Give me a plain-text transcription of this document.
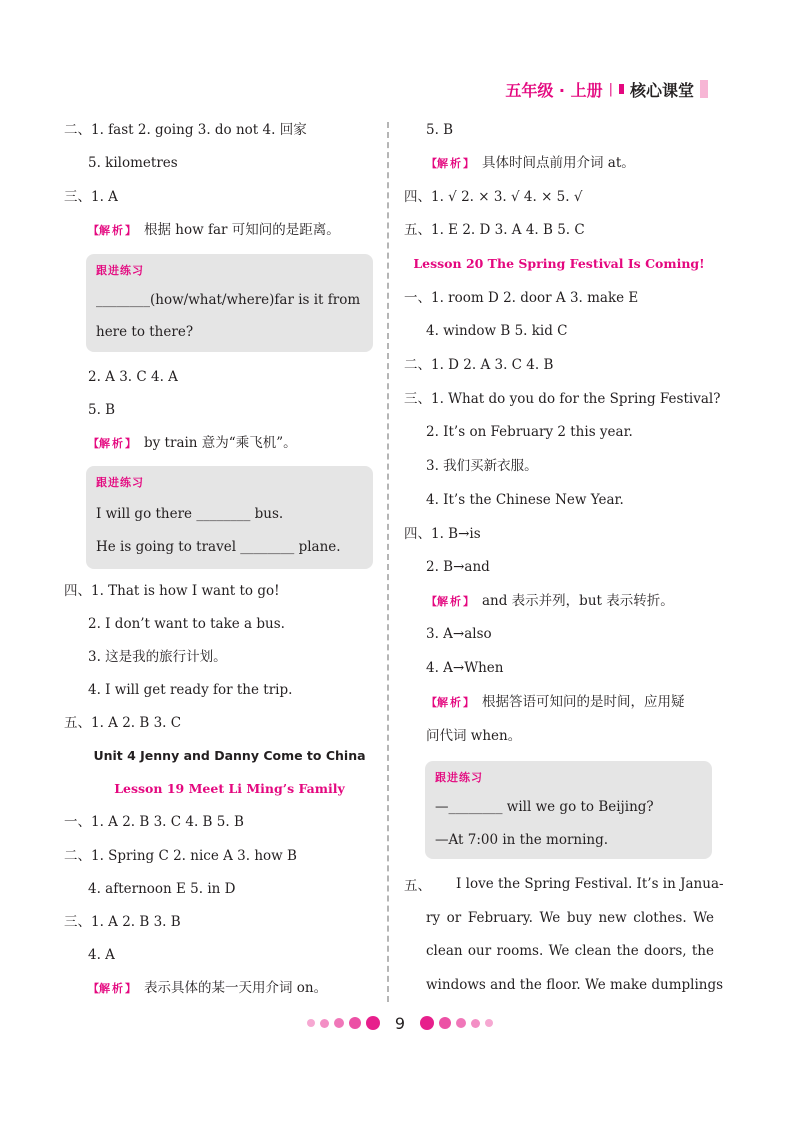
五年级 · 上册 | 核心课堂
二、1. fast 2. going 3. do not 4. 回家
5. kilometres
三、1. A
【 解析 】 根据 how far 可知问的是距离。
跟进练习
________(how/what/where)far is it from
here to there?
2. A 3. C 4. A
5. B
【 解析 】 by train 意为“乘飞机”。
跟进练习
I will go there ________ bus.
He is going to travel ________ plane.
四、1. That is how I want to go!
2. I don’t want to take a bus.
3. 这是我的旅行计划。
4. I will get ready for the trip.
五、1. A 2. B 3. C
Unit 4 Jenny and Danny Come to China
Lesson 19 Meet Li Ming’s Family
一、1. A 2. B 3. C 4. B 5. B
二、1. Spring C 2. nice A 3. how B
4. afternoon E 5. in D
三、1. A 2. B 3. B
4. A
【 解析 】 表示具体的某一天用介词 on。
5. B
【 解析 】 具体时间点前用介词 at。
四、1. √ 2. × 3. √ 4. × 5. √
五、1. E 2. D 3. A 4. B 5. C
Lesson 20 The Spring Festival Is Coming!
一、1. room D 2. door A 3. make E
4. window B 5. kid C
二、1. D 2. A 3. C 4. B
三、1. What do you do for the Spring Festival?
2. It’s on February 2 this year.
3. 我们买新衣服。
4. It’s the Chinese New Year.
四、1. B→is
2. B→and
【 解析 】 and 表示并列，but 表示转折。
3. A→also
4. A→When
【 解析 】 根据答语可知问的是时间，应用疑
问代词 when。
跟进练习
—________ will we go to Beijing?
—At 7:00 in the morning.
五、	I love the Spring Festival. It’s in Janua-
ry or February. We buy new clothes. We
clean our rooms. We clean the doors, the
windows and the floor. We make dumplings
9
